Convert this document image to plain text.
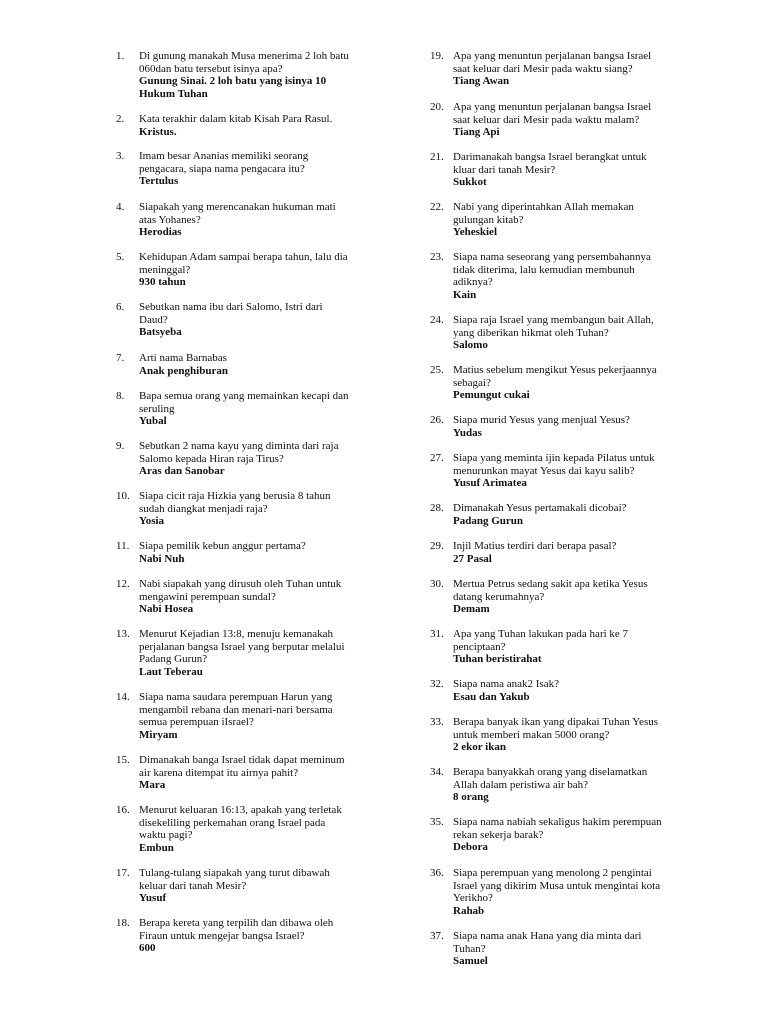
1. Di gunung manakah Musa menerima 2 loh batu
060dan batu tersebut isinya apa?
Gunung Sinai. 2 loh batu yang isinya 10
Hukum Tuhan
2. Kata terakhir dalam kitab Kisah Para Rasul.
Kristus.
3. Imam besar Ananias memiliki seorang
pengacara, siapa nama pengacara itu?
Tertulus
4. Siapakah yang merencanakan hukuman mati
atas Yohanes?
Herodias
5. Kehidupan Adam sampai berapa tahun, lalu dia
meninggal?
930 tahun
6. Sebutkan nama ibu dari Salomo, Istri dari
Daud?
Batsyeba
7. Arti nama Barnabas
Anak penghiburan
8. Bapa semua orang yang memainkan kecapi dan
seruling
Yubal
9. Sebutkan 2 nama kayu yang diminta dari raja
Salomo kepada Hiran raja Tirus?
Aras dan Sanobar
10. Siapa cicit raja Hizkia yang berusia 8 tahun
sudah diangkat menjadi raja?
Yosia
11. Siapa pemilik kebun anggur pertama?
Nabi Nuh
12. Nabi siapakah yang dirusuh oleh Tuhan untuk
mengawini perempuan sundal?
Nabi Hosea
13. Menurut Kejadian 13:8, menuju kemanakah
perjalanan bangsa Israel yang berputar melalui
Padang Gurun?
Laut Teberau
14. Siapa nama saudara perempuan Harun yang
mengambil rebana dan menari-nari bersama
semua perempuan iIsrael?
Miryam
15. Dimanakah banga Israel tidak dapat meminum
air karena ditempat itu airnya pahit?
Mara
16. Menurut keluaran 16:13, apakah yang terletak
disekeliling perkemahan orang Israel pada
waktu pagi?
Embun
17. Tulang-tulang siapakah yang turut dibawah
keluar dari tanah Mesir?
Yusuf
18. Berapa kereta yang terpilih dan dibawa oleh
Firaun untuk mengejar bangsa Israel?
600
19. Apa yang menuntun perjalanan bangsa Israel
saat keluar dari Mesir pada waktu siang?
Tiang Awan
20. Apa yang menuntun perjalanan bangsa Israel
saat keluar dari Mesir pada waktu malam?
Tiang Api
21. Darimanakah bangsa Israel berangkat untuk
kluar dari tanah Mesir?
Sukkot
22. Nabi yang diperintahkan Allah memakan
gulungan kitab?
Yeheskiel
23. Siapa nama seseorang yang persembahannya
tidak diterima, lalu kemudian membunuh
adiknya?
Kain
24. Siapa raja Israel yang membangun bait Allah,
yang diberikan hikmat oleh Tuhan?
Salomo
25. Matius sebelum mengikut Yesus pekerjaannya
sebagai?
Pemungut cukai
26. Siapa murid Yesus yang menjual Yesus?
Yudas
27. Siapa yang meminta ijin kepada Pilatus untuk
menurunkan mayat Yesus dai kayu salib?
Yusuf Arimatea
28. Dimanakah Yesus pertamakali dicobai?
Padang Gurun
29. Injil Matius terdiri dari berapa pasal?
27 Pasal
30. Mertua Petrus sedang sakit apa ketika Yesus
datang kerumahnya?
Demam
31. Apa yang Tuhan lakukan pada hari ke 7
penciptaan?
Tuhan beristirahat
32. Siapa nama anak2 Isak?
Esau dan Yakub
33. Berapa banyak ikan yang dipakai Tuhan Yesus
untuk memberi makan 5000 orang?
2 ekor ikan
34. Berapa banyakkah orang yang diselamatkan
Allah dalam peristiwa air bah?
8 orang
35. Siapa nama nabiah sekaligus hakim perempuan
rekan sekerja barak?
Debora
36. Siapa perempuan yang menolong 2 pengintai
Israel yang dikirim Musa untuk mengintai kota
Yerikho?
Rahab
37. Siapa nama anak Hana yang dia minta dari
Tuhan?
Samuel
